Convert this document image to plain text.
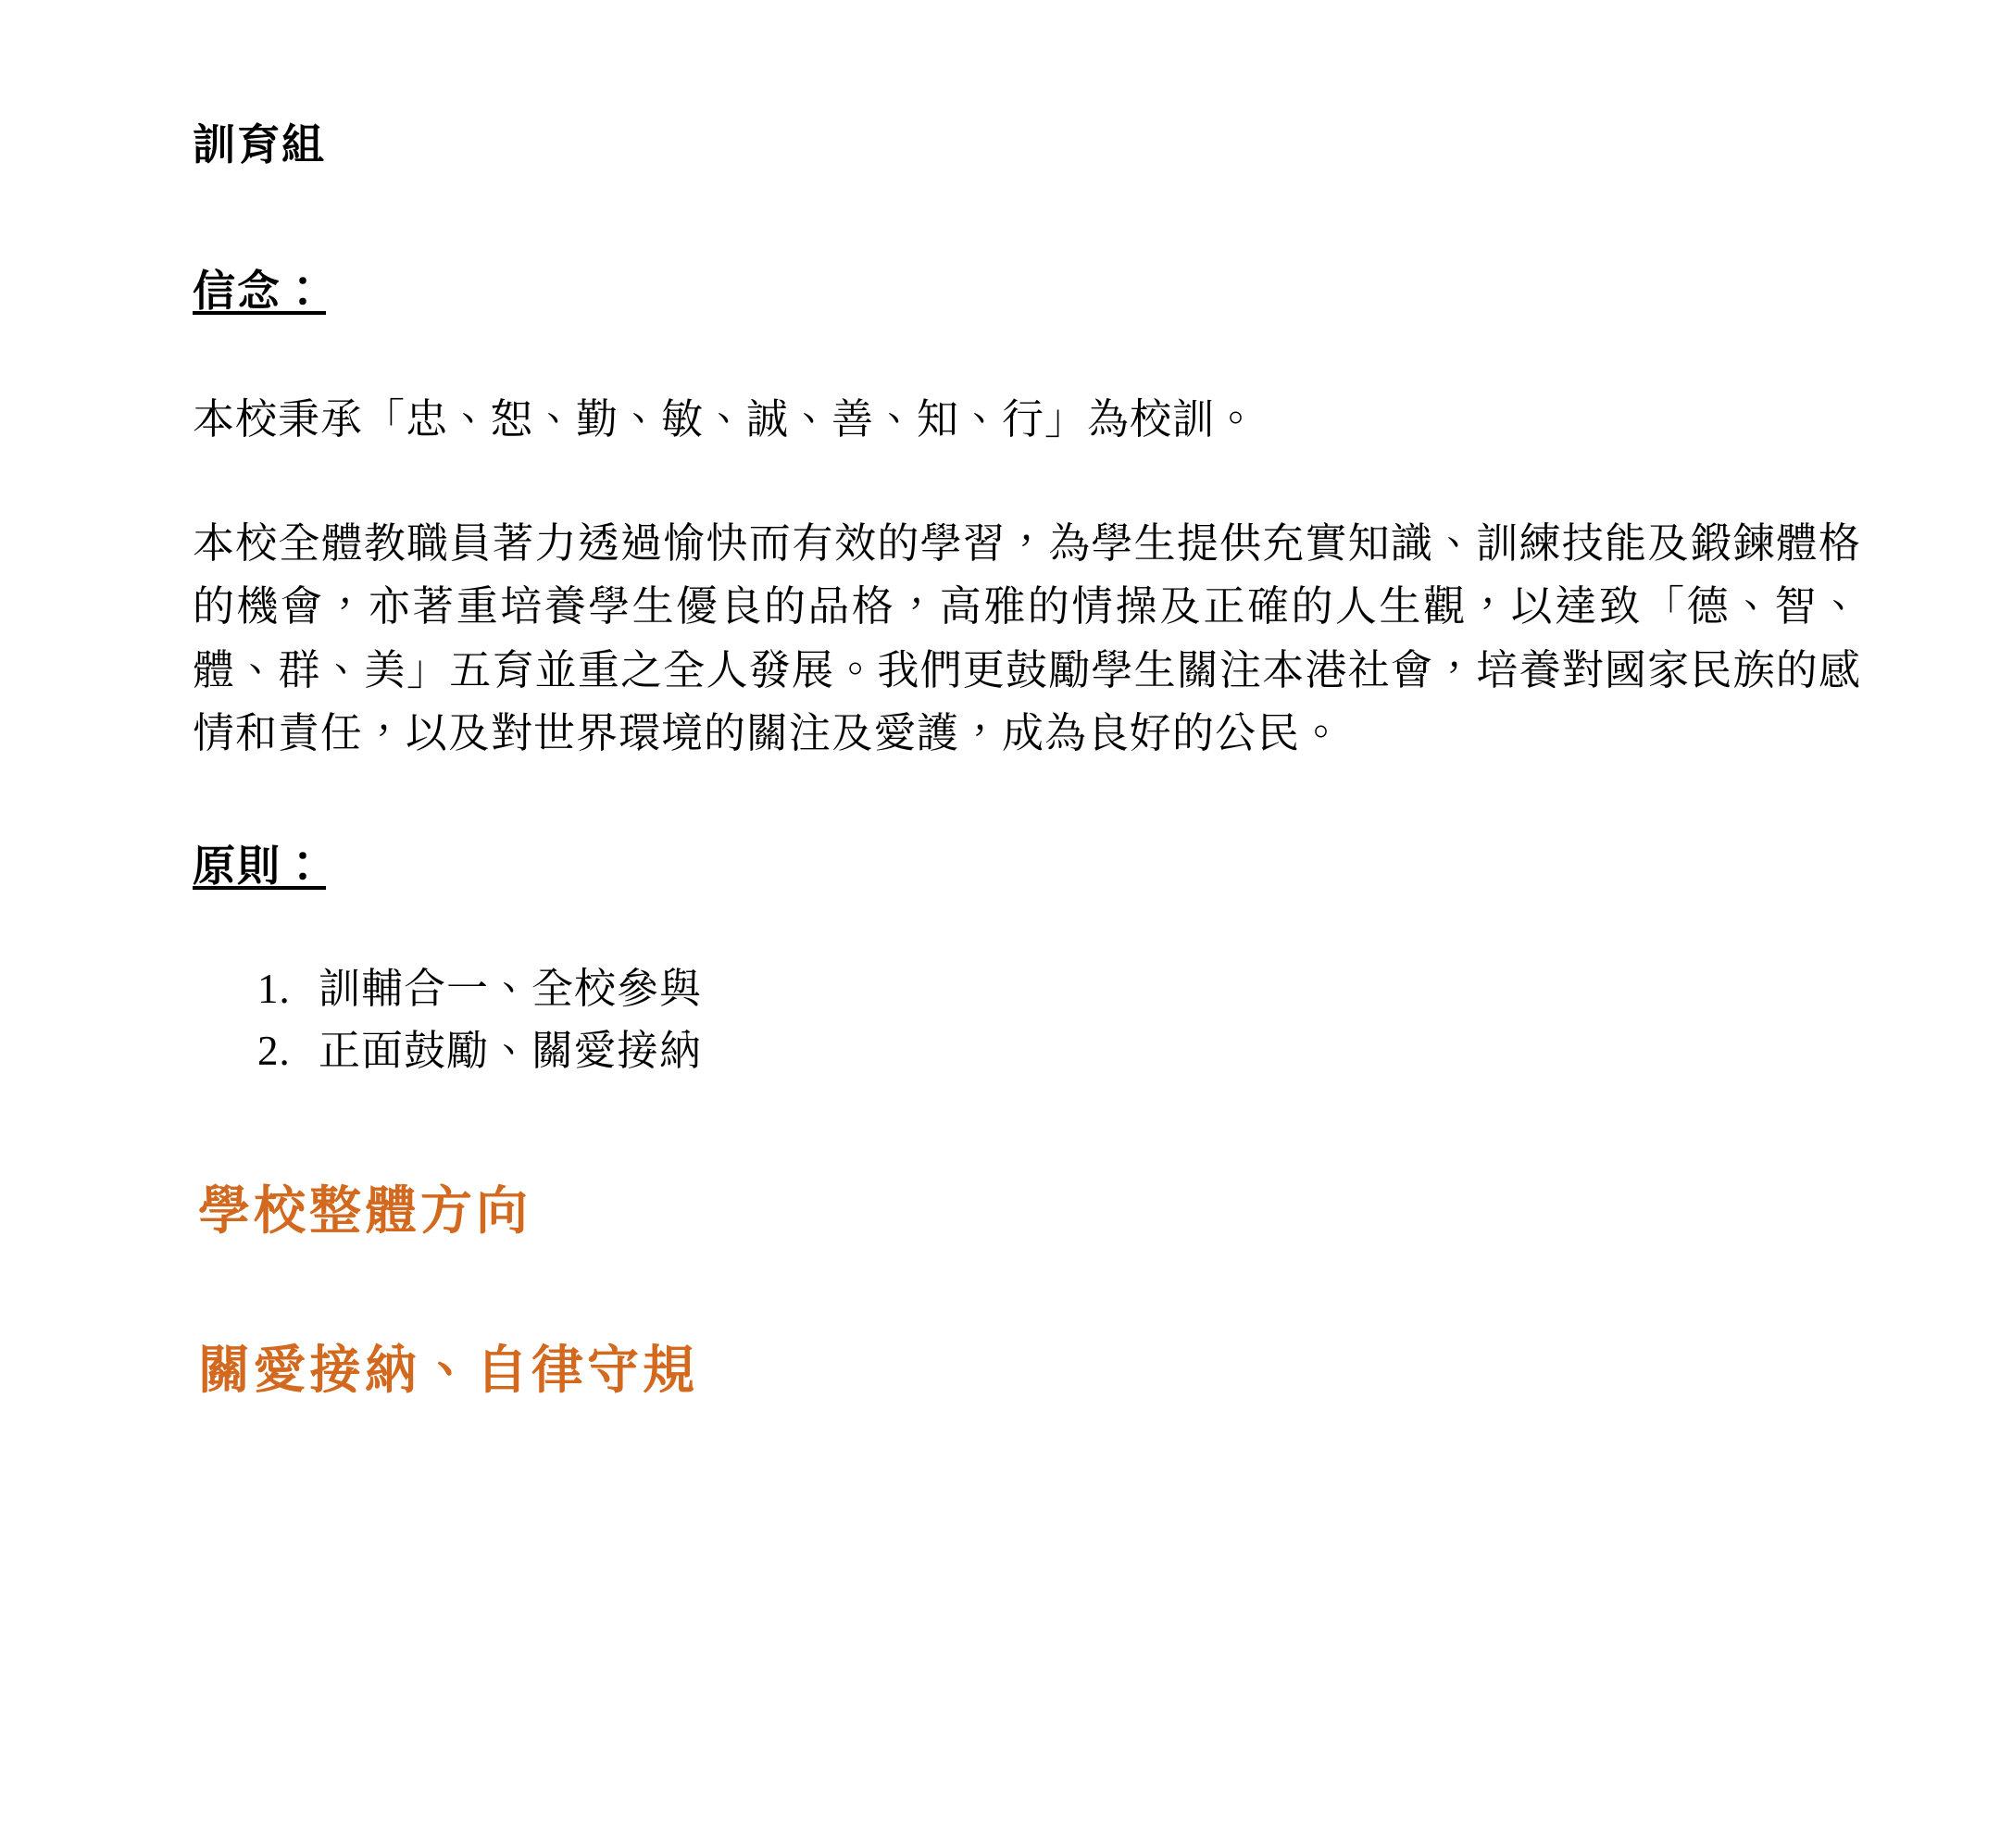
訓育組
信念：

本校秉承「忠、恕、勤、敏、誠、善、知、行」為校訓。

本校全體教職員著力透過愉快而有效的學習，為學生提供充實知識、訓練技能及鍛鍊體格的機會，亦著重培養學生優良的品格，高雅的情操及正確的人生觀，以達致「德、智、體、群、美」五育並重之全人發展。我們更鼓勵學生關注本港社會，培養對國家民族的感情和責任，以及對世界環境的關注及愛護，成為良好的公民。

原則：
1. 訓輔合一、全校參與
2. 正面鼓勵、關愛接納
學校整體方向
關愛接納、自律守規
